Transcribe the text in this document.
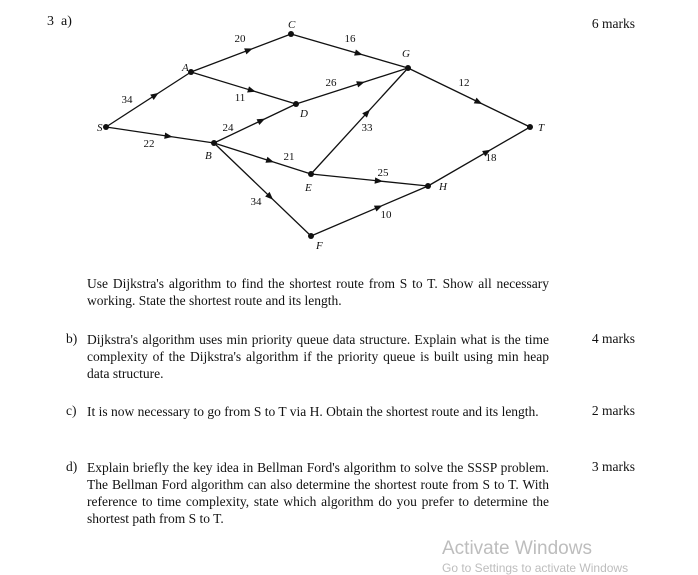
3 a)	6 marks
34
22
20
11
24
21
34
16
26
33
25
10
12
18
S
A
B
C
D
E
F
G
H
T
Use Dijkstra's algorithm to find the shortest route from S to T. Show all necessary working. State the shortest route and its length.
b) Dijkstra's algorithm uses min priority queue data structure. Explain what is the time complexity of the Dijkstra's algorithm if the priority queue is built using min heap data structure.
4 marks
c) It is now necessary to go from S to T via H. Obtain the shortest route and its length.	2 marks
d) Explain briefly the key idea in Bellman Ford's algorithm to solve the SSSP problem. The Bellman Ford algorithm can also determine the shortest route from S to T. With reference to time complexity, state which algorithm do you prefer to determine the shortest path from S to T.
3 marks
Activate Windows
Go to Settings to activate Windows
